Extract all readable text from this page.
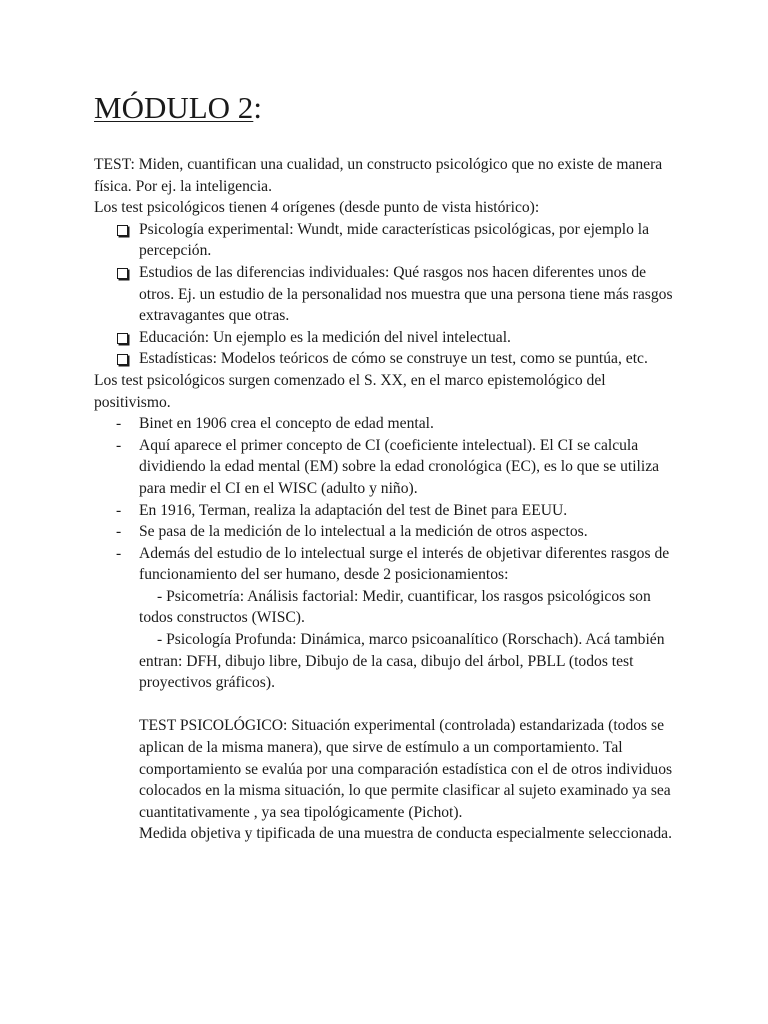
MÓDULO 2:

TEST: Miden, cuantifican una cualidad, un constructo psicológico que no existe de manera física. Por ej. la inteligencia.

Los test psicológicos tienen 4 orígenes (desde punto de vista histórico):

Psicología experimental: Wundt, mide características psicológicas, por ejemplo la percepción.
Estudios de las diferencias individuales: Qué rasgos nos hacen diferentes unos de otros. Ej. un estudio de la personalidad nos muestra que una persona tiene más rasgos extravagantes que otras.
Educación: Un ejemplo es la medición del nivel intelectual.
Estadísticas: Modelos teóricos de cómo se construye un test, como se puntúa, etc.

Los test psicológicos surgen comenzado el S. XX, en el marco epistemológico del positivismo.

- Binet en 1906 crea el concepto de edad mental.
- Aquí aparece el primer concepto de CI (coeficiente intelectual). El CI se calcula dividiendo la edad mental (EM) sobre la edad cronológica (EC), es lo que se utiliza para medir el CI en el WISC (adulto y niño).
- En 1916, Terman, realiza la adaptación del test de Binet para EEUU.
- Se pasa de la medición de lo intelectual a la medición de otros aspectos.
- Además del estudio de lo intelectual surge el interés de objetivar diferentes rasgos de funcionamiento del ser humano, desde 2 posicionamientos:

- Psicometría: Análisis factorial: Medir, cuantificar, los rasgos psicológicos son todos constructos (WISC).

- Psicología Profunda: Dinámica, marco psicoanalítico (Rorschach). Acá también entran: DFH, dibujo libre, Dibujo de la casa, dibujo del árbol, PBLL (todos test proyectivos gráficos).

TEST PSICOLÓGICO: Situación experimental (controlada) estandarizada (todos se aplican de la misma manera), que sirve de estímulo a un comportamiento. Tal comportamiento se evalúa por una comparación estadística con el de otros individuos colocados en la misma situación, lo que permite clasificar al sujeto examinado ya sea cuantitativamente , ya sea tipológicamente (Pichot).

Medida objetiva y tipificada de una muestra de conducta especialmente seleccionada.
